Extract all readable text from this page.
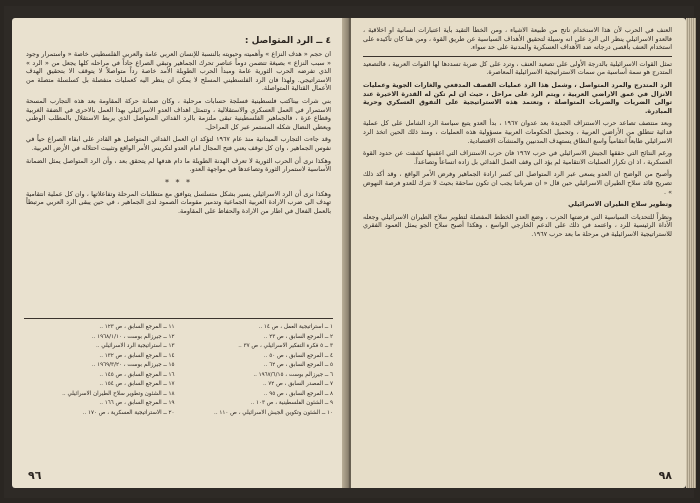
٤ ــ الرد المتواصل :

ان حجم « هدف النزاع » وأهميته وحيويته بالنسبة للإنسان العربي عامة والعربي الفلسطيني خاصة « واستمرار وجود « سبب النزاع » بصيغة تتضمن دوماً عناصر تحرك الجماهير وتبقي الصراع حاداً في مراحله كلها يجعل من « الرد » الذي تفرضه الحرب الثورية عامة ومبدأ الحرب الطويلة الأمد خاصة رداً متواصلاً لا يتوقف الا بتحقيق الهدف الاستراتيجي. ولهذا فان الرد الفلسطيني المسلح لا يمكن ان ينظر اليه كعمليات منفصلة بل كسلسلة متصلة من الأعمال القتالية المتواصلة.

بني شرات بيناكتب فلسطينية فسلجة حسابات مرحلية ، وكان ضمانة حركة المقاومة بعد هذه التجارب المسحة الاستمرار في العمل العسكري والاستقلالية ، وتتمثل اهداف العدو الاسرائيلي بهذا العمل بالاحرى في الضفة الغربية وقطاع غزة ، فالجماهير الفلسطينية تبقى ملتزمة بالرد الفدائي المتواصل الذي يربط الاستقلال بالمطلب الوطني ويعطي النضال شكله المستمر عبر كل المراحل.

وقد جاءت التجارب الميدانية منذ عام ١٩٦٧ لتؤكد ان العمل الفدائي المتواصل هو القادر على ابقاء الصراع حياً في نفوس الجماهير ، وان كل توقف يعني فتح المجال امام العدو لتكريس الأمر الواقع وتثبيت احتلاله في الأرض العربية.

وهكذا نرى أن الحرب الثورية لا تعرف الهدنة الطويلة ما دام هدفها لم يتحقق بعد ، وأن الرد المتواصل يمثل الضمانة الأساسية لاستمرار الثورة وتصاعدها في مواجهة العدو.

* * *

وهكذا نرى أن الرد الاسرائيلي يسير بشكل متسلسل يتوافق مع متطلبات المرحلة وتفاعلاتها ، وان كل عملية انتقامية تهدف الى ضرب الارادة العربية الجماعية وتدمير مقومات الصمود لدى الجماهير ، في حين يبقى الرد العربي مرتبطاً بالعمل الفعال في اطار من الارادة والحفاظ على المقاومة.

١ ــ استراتيجية العمل ، ص ١٤ ..
٢ ــ المرجع السابق ، ص ٢٣ ..
٣ ــ ٥ فكرة التفكير الاسرائيلي ، ص ٣٧ ..
٤ ــ المرجع السابق ، ص ٥٠ ..
٥ ــ المرجع السابق ، ص ٦٢ ..
٦ ــ جيرزالم بوست ، ١٩٦٧/٦/١٥ ..
٧ ــ المصدر السابق ، ص ٧٢ ..
٨ ــ المرجع السابق ، ص ٩٥ ..
٩ ــ الشئون الفلسطينية ، ص ١٠٣ ..
١٠ ــ الشئون وتكوين الجيش الاسرائيلي ، ص ١١٠ ..
١١ ــ المرجع السابق ، ص ١٢٣ ..
١٢ ــ جيرزالم بوست ، ١٩٦٨/١/١٠ ..
١٣ ــ استراتيجية الرد الاسرائيلي ..
١٤ ــ المرجع السابق ، ص ١٣٢ ..
١٥ ــ جيرزالم بوست ، ١٩٦٩/٣/٢٠ ..
١٦ ــ المرجع السابق ، ص ١٤٥ ..
١٧ ــ المرجع السابق ، ص ١٥٤ ..
١٨ ــ الشئون وتطوير سلاح الطيران الاسرائيلي ..
١٩ ــ المرجع السابق ، ص ١٦٦ ..
٢٠ ــ الاستراتيجية العسكرية ، ص ١٧٠ ..
٩٦

العنف في الحرب لأن هذا الاستخدام ناتج من طبيعة الاشياء ، ومن الخطأ التقيد بأية اعتبارات انسانية او اخلاقية ، فالعدو الاسرائيلي ينظر الى الرد على انه وسيلة لتحقيق الأهداف السياسية عن طريق القوة ، ومن هنا كان تأكيده على استخدام العنف بأقصى درجاته ضد الأهداف العسكرية والمدنية على حد سواء.

تمثل القوات الاسرائيلية بالدرجة الأولى على تصعيد العنف ، وترد على كل ضربة تسددها لها القوات العربية ، فالتصعيد المتدرج هو سمة أساسية من سمات الاستراتيجية الاسرائيلية المعاصرة.

الرد المتدرج والمرد المتواصل ، وشمل هذا الرد عمليات القصف المدفعي والغارات الجوية وعمليات الانزال في عمق الاراضي العربية ، ويتم الرد على مراحل ، حيث ان لم تكن له القدرة الاخيرة عند توالى الضربات والضربات المتواصلة ، وتعتمد هذه الاستراتيجية على التفوق العسكري وحرية المبادرة.

وبعد منتصف تصاعد حرب الاستنزاف الجديدة بعد عدوان ١٩٦٧ ، بدأ العدو يتبع سياسة الرد الشامل على كل عملية فدائية تنطلق من الأراضي العربية ، وتحميل الحكومات العربية مسؤولية هذه العمليات ، ومنذ ذلك الحين اتخذ الرد الاسرائيلي طابعاً انتقامياً واسع النطاق يستهدف المدنيين والمنشآت الاقتصادية.

ورغم النتائج التي حققها الجيش الاسرائيلي في حرب ١٩٦٧ فان حرب الاستنزاف التي اعقبتها كشفت عن حدود القوة العسكرية ، اذ ان تكرار العمليات الانتقامية لم يؤد الى وقف العمل الفدائي بل زاده اتساعاً وتصاعداً.

وأصبح من الواضح ان العدو يسعى عبر الرد المتواصل الى كسر ارادة الجماهير وفرض الأمر الواقع ، وقد أكد ذلك تصريح قائد سلاح الطيران الاسرائيلي حين قال « ان ضرباتنا يجب ان تكون ساحقة بحيث لا تترك للعدو فرصة النهوض » .

وتطوير سلاح الطيران الاسرائيلي

ونظراً للتحديات السياسية التي فرضتها الحرب ، وضع العدو الخطط المفصلة لتطوير سلاح الطيران الاسرائيلي وجعله الأداة الرئيسية للرد ، واعتمد في ذلك على الدعم الخارجي الواسع ، وهكذا أصبح سلاح الجو يمثل العمود الفقري للاستراتيجية الاسرائيلية في مرحلة ما بعد حرب ١٩٦٧.

٩٨
